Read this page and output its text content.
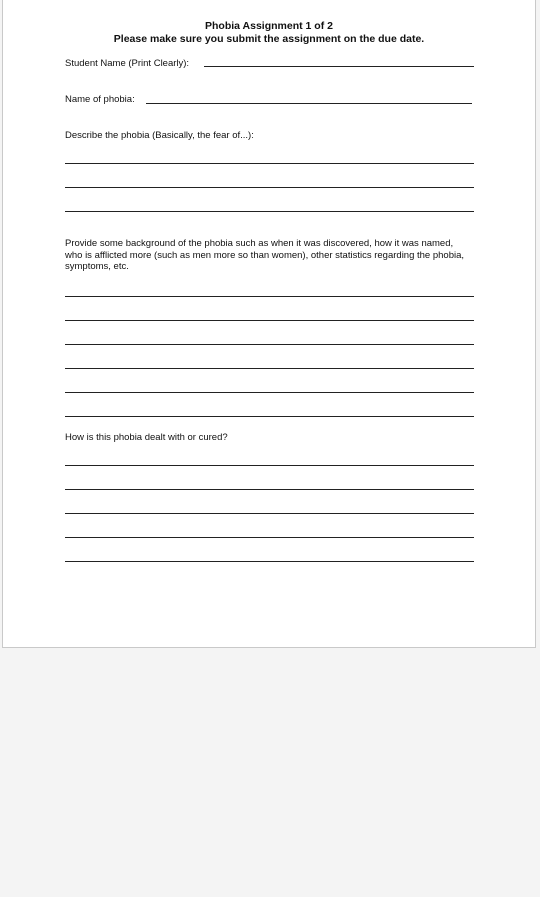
Phobia Assignment 1 of 2
Please make sure you submit the assignment on the due date.
Student Name (Print Clearly):
Name of phobia:
Describe the phobia (Basically, the fear of...):
Provide some background of the phobia such as when it was discovered, how it was named, who is afflicted more (such as men more so than women), other statistics regarding the phobia, symptoms, etc.
How is this phobia dealt with or cured?
